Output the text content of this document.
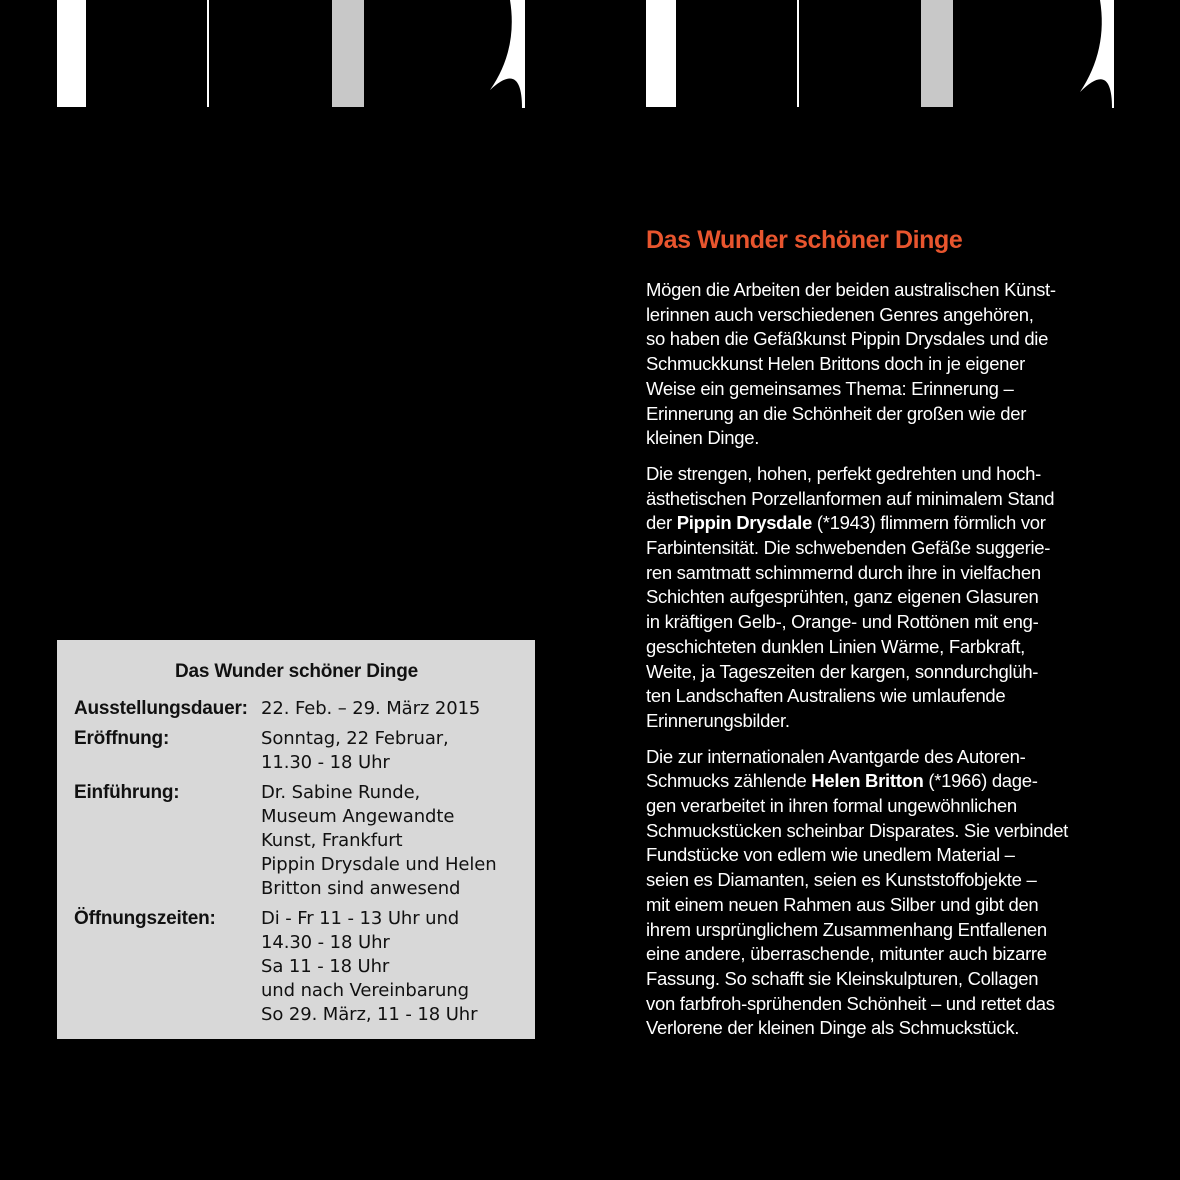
Das Wunder schöner Dinge
Ausstellungsdauer: 22. Feb. – 29. März 2015
Eröffnung:	Sonntag, 22 Februar,
11.30 - 18 Uhr
Einführung:	Dr. Sabine Runde,
Museum Angewandte
Kunst, Frankfurt
Pippin Drysdale und Helen
Britton sind anwesend
Öffnungszeiten:	Di - Fr 11 - 13 Uhr und
14.30 - 18 Uhr
Sa 11 - 18 Uhr
und nach Vereinbarung
So 29. März, 11 - 18 Uhr
Das Wunder schöner Dinge
Mögen die Arbeiten der beiden australischen Künst-
lerinnen auch verschiedenen Genres angehören,
so haben die Gefäßkunst Pippin Drysdales und die
Schmuckkunst Helen Brittons doch in je eigener
Weise ein gemeinsames Thema: Erinnerung –
Erinnerung an die Schönheit der großen wie der
kleinen Dinge.
Die strengen, hohen, perfekt gedrehten und hoch-
ästhetischen Porzellanformen auf minimalem Stand
der Pippin Drysdale (*1943) flimmern förmlich vor
Farbintensität. Die schwebenden Gefäße suggerie-
ren samtmatt schimmernd durch ihre in vielfachen
Schichten aufgesprühten, ganz eigenen Glasuren
in kräftigen Gelb-, Orange- und Rottönen mit eng-
geschichteten dunklen Linien Wärme, Farbkraft,
Weite, ja Tageszeiten der kargen, sonndurchglüh-
ten Landschaften Australiens wie umlaufende
Erinnerungsbilder.
Die zur internationalen Avantgarde des Autoren-
Schmucks zählende Helen Britton (*1966) dage-
gen verarbeitet in ihren formal ungewöhnlichen
Schmuckstücken scheinbar Disparates. Sie verbindet
Fundstücke von edlem wie unedlem Material –
seien es Diamanten, seien es Kunststoffobjekte –
mit einem neuen Rahmen aus Silber und gibt den
ihrem ursprünglichem Zusammenhang Entfallenen
eine andere, überraschende, mitunter auch bizarre
Fassung. So schafft sie Kleinskulpturen, Collagen
von farbfroh-sprühenden Schönheit – und rettet das
Verlorene der kleinen Dinge als Schmuckstück.
